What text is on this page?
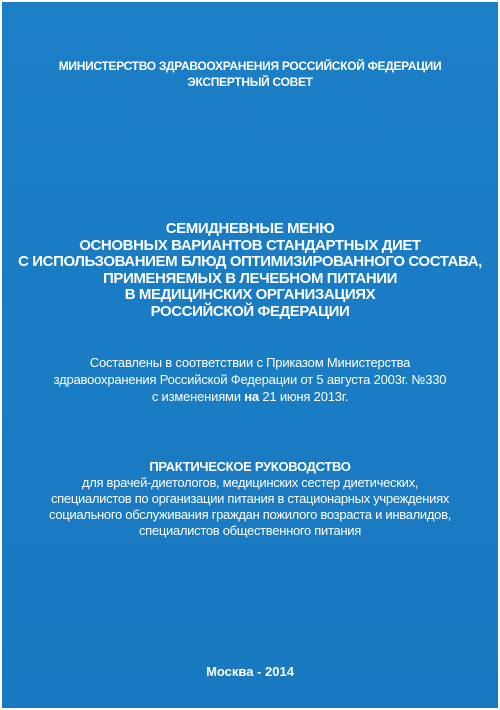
МИНИСТЕРСТВО ЗДРАВООХРАНЕНИЯ РОССИЙСКОЙ ФЕДЕРАЦИИ
ЭКСПЕРТНЫЙ СОВЕТ
СЕМИДНЕВНЫЕ МЕНЮ
ОСНОВНЫХ ВАРИАНТОВ СТАНДАРТНЫХ ДИЕТ
С ИСПОЛЬЗОВАНИЕМ БЛЮД ОПТИМИЗИРОВАННОГО СОСТАВА,
ПРИМЕНЯЕМЫХ В ЛЕЧЕБНОМ ПИТАНИИ
В МЕДИЦИНСКИХ ОРГАНИЗАЦИЯХ
РОССИЙСКОЙ ФЕДЕРАЦИИ
Составлены в соответствии с Приказом Министерства
здравоохранения Российской Федерации от 5 августа 2003г. №330
с изменениями на 21 июня 2013г.
ПРАКТИЧЕСКОЕ РУКОВОДСТВО
для врачей-диетологов, медицинских сестер диетических,
специалистов по организации питания в стационарных учреждениях
социального обслуживания граждан пожилого возраста и инвалидов,
специалистов общественного питания
Москва - 2014
